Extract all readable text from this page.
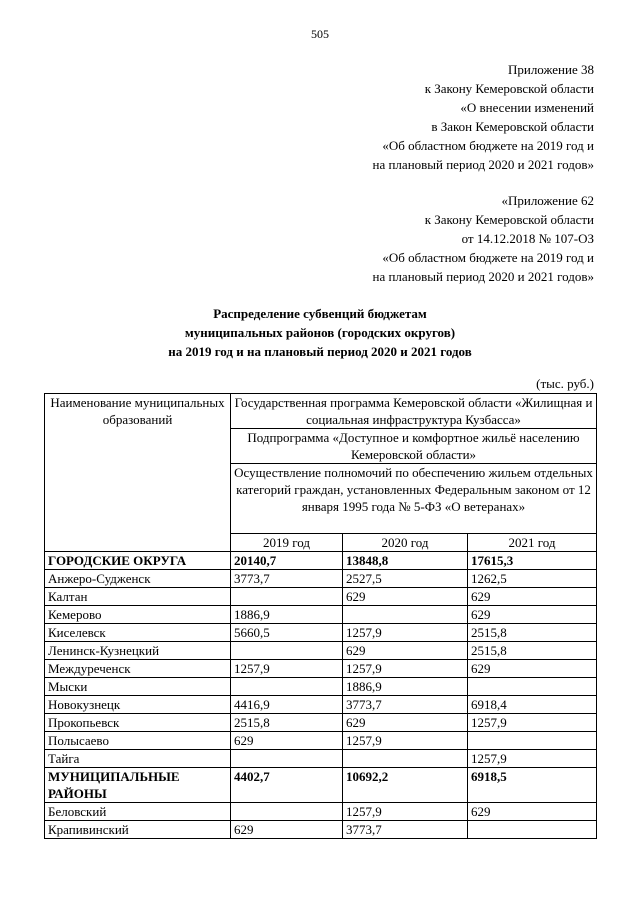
505
Приложение 38
к Закону Кемеровской области
«О внесении изменений
в Закон Кемеровской области
«Об областном бюджете на 2019 год и
на плановый период 2020 и 2021 годов»
«Приложение 62
к Закону Кемеровской области
от 14.12.2018 № 107-ОЗ
«Об областном бюджете на 2019 год и
на плановый период 2020 и 2021 годов»
Распределение субвенций бюджетам
муниципальных районов (городских округов)
на 2019 год и на плановый период 2020 и 2021 годов
(тыс. руб.)
Наименование муниципальных образований	Государственная программа Кемеровской области «Жилищная и социальная инфраструктура Кузбасса»		
	Подпрограмма «Доступное и комфортное жильё населению Кемеровской области»		
	Осуществление полномочий по обеспечению жильем отдельных категорий граждан, установленных Федеральным законом от 12 января 1995 года № 5-ФЗ «О ветеранах»		
	2019 год	2020 год	2021 год
ГОРОДСКИЕ ОКРУГА	20140,7	13848,8	17615,3
Анжеро-Судженск	3773,7	2527,5	1262,5
Калтан		629	629
Кемерово	1886,9		629
Киселевск	5660,5	1257,9	2515,8
Ленинск-Кузнецкий		629	2515,8
Междуреченск	1257,9	1257,9	629
Мыски		1886,9	
Новокузнецк	4416,9	3773,7	6918,4
Прокопьевск	2515,8	629	1257,9
Полысаево	629	1257,9	
Тайга			1257,9
МУНИЦИПАЛЬНЫЕ РАЙОНЫ	4402,7	10692,2	6918,5
Беловский		1257,9	629
Крапивинский	629	3773,7	
